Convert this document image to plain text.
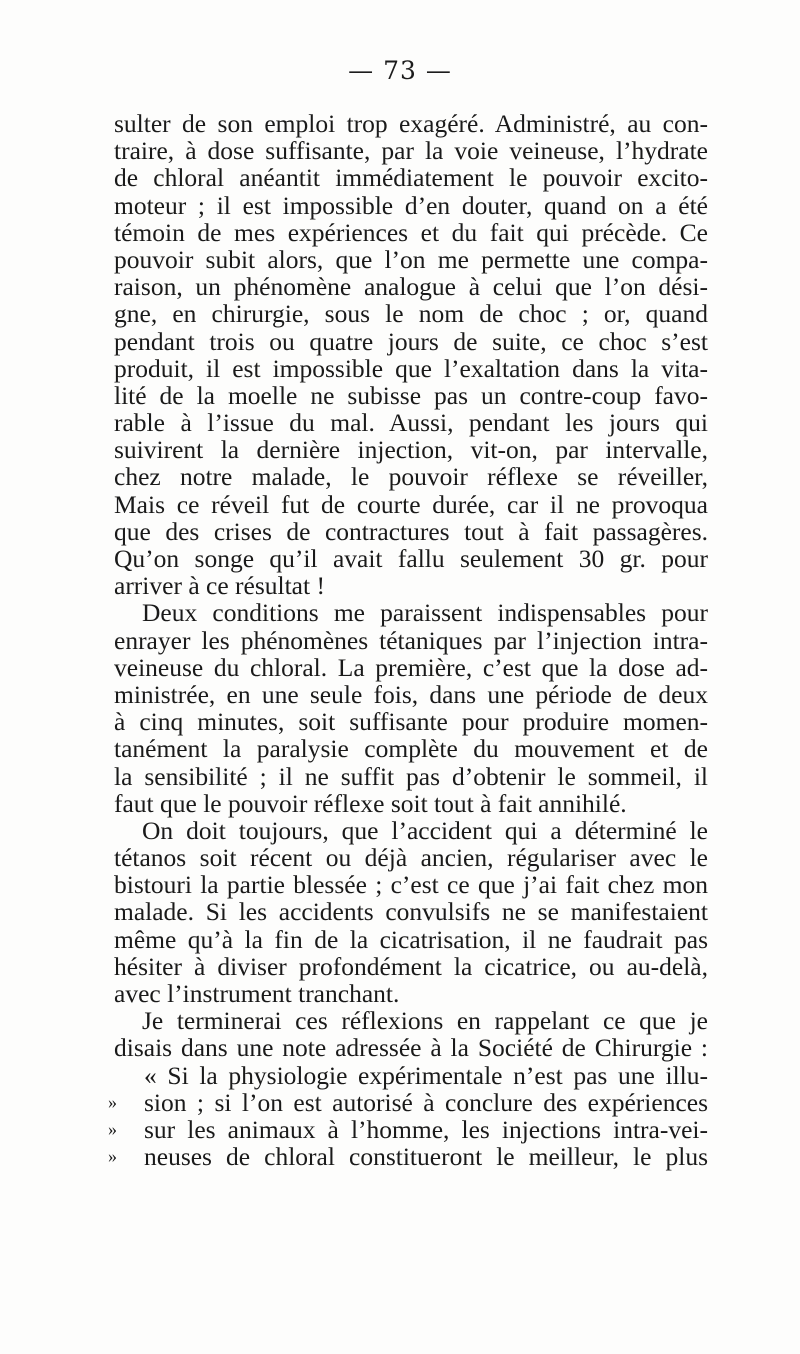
— 73 —
sulter de son emploi trop exagéré. Administré, au con-
traire, à dose suffisante, par la voie veineuse, l’hydrate
de chloral anéantit immédiatement le pouvoir excito-
moteur ; il est impossible d’en douter, quand on a été
témoin de mes expériences et du fait qui précède. Ce
pouvoir subit alors, que l’on me permette une compa-
raison, un phénomène analogue à celui que l’on dési-
gne, en chirurgie, sous le nom de choc ; or, quand
pendant trois ou quatre jours de suite, ce choc s’est
produit, il est impossible que l’exaltation dans la vita-
lité de la moelle ne subisse pas un contre-coup favo-
rable à l’issue du mal. Aussi, pendant les jours qui
suivirent la dernière injection, vit-on, par intervalle,
chez notre malade, le pouvoir réflexe se réveiller,
Mais ce réveil fut de courte durée, car il ne provoqua
que des crises de contractures tout à fait passagères.
Qu’on songe qu’il avait fallu seulement 30 gr. pour
arriver à ce résultat !
Deux conditions me paraissent indispensables pour
enrayer les phénomènes tétaniques par l’injection intra-
veineuse du chloral. La première, c’est que la dose ad-
ministrée, en une seule fois, dans une période de deux
à cinq minutes, soit suffisante pour produire momen-
tanément la paralysie complète du mouvement et de
la sensibilité ; il ne suffit pas d’obtenir le sommeil, il
faut que le pouvoir réflexe soit tout à fait annihilé.
On doit toujours, que l’accident qui a déterminé le
tétanos soit récent ou déjà ancien, régulariser avec le
bistouri la partie blessée ; c’est ce que j’ai fait chez mon
malade. Si les accidents convulsifs ne se manifestaient
même qu’à la fin de la cicatrisation, il ne faudrait pas
hésiter à diviser profondément la cicatrice, ou au-delà,
avec l’instrument tranchant.
Je terminerai ces réflexions en rappelant ce que je
disais dans une note adressée à la Société de Chirurgie :
« Si la physiologie expérimentale n’est pas une illu-
» sion ; si l’on est autorisé à conclure des expériences
» sur les animaux à l’homme, les injections intra-vei-
» neuses de chloral constitueront le meilleur, le plus
